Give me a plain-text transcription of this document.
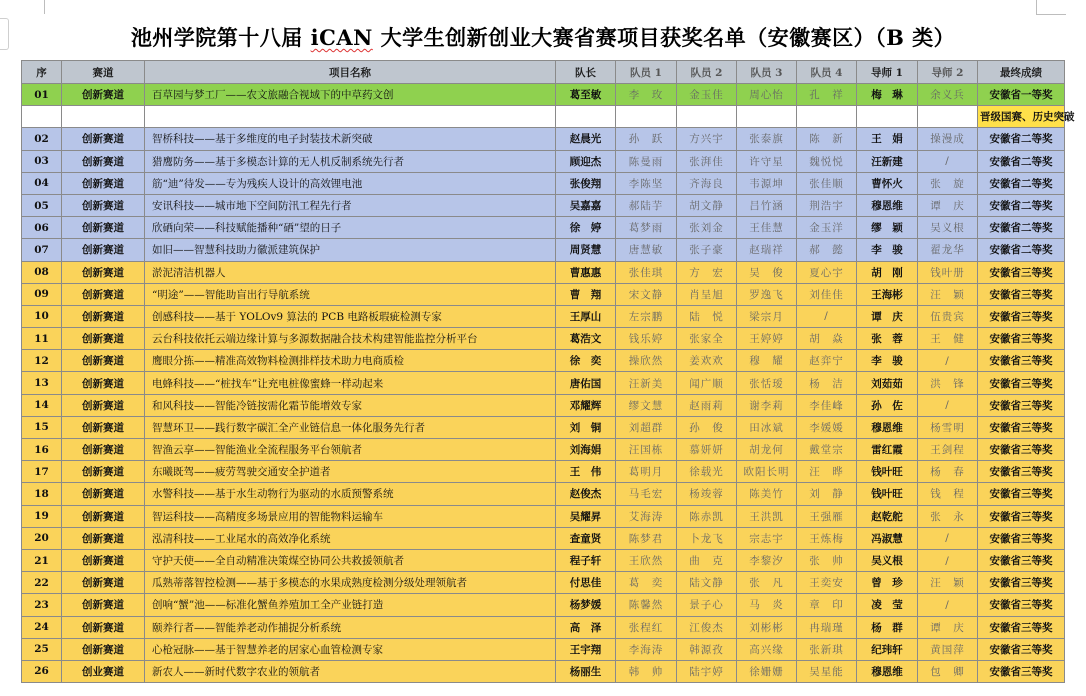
池州学院第十八届 iCAN 大学生创新创业大赛省赛项目获奖名单（安徽赛区）（B 类）
序	赛道	项目名称	队长	队员 1	队员 2	队员 3	队员 4	导师 1	导师 2	最终成绩
01	创新赛道	百草园与梦工厂——农文旅融合视域下的中草药文创	葛至敏	李　玫	金玉佳	周心怡	孔　祥	梅　琳	余义兵	安徽省一等奖
										晋级国赛、历史突破
02	创新赛道	智桥科技——基于多维度的电子封装技术新突破	赵晨光	孙　跃	方兴宇	张泰旗	陈　新	王　娟	操漫成	安徽省二等奖
03	创新赛道	猎鹰防务——基于多模态计算的无人机反制系统先行者	顾迎杰	陈曼雨	张湃佳	许守星	魏悦悦	汪新建	/	安徽省二等奖
04	创新赛道	筋“迪”待发——专为残疾人设计的高效锂电池	张俊翔	李陈坚	齐海良	韦源坤	张佳顺	曹怀火	张　旋	安徽省二等奖
05	创新赛道	安讯科技——城市地下空间防汛工程先行者	吴嘉嘉	郝陆芋	胡文静	吕竹涵	荆浩宇	穆恩维	谭　庆	安徽省二等奖
06	创新赛道	欣硒向荣——科技赋能播种“硒”望的日子	徐　婷	葛梦雨	张刘金	王佳慧	金玉洋	缪　颖	吴义根	安徽省二等奖
07	创新赛道	如旧——智慧科技助力徽派建筑保护	周贤慧	唐慧敏	张子豪	赵瑞祥	郝　懿	李　骏	翟龙华	安徽省二等奖
08	创新赛道	淤泥清洁机器人	曹惠惠	张佳琪	方　宏	吴　俊	夏心宇	胡　刚	钱叶册	安徽省三等奖
09	创新赛道	“明途”——智能助盲出行导航系统	曹　翔	宋文静	肖呈旭	罗逸飞	刘佳佳	王海彬	汪　颖	安徽省三等奖
10	创新赛道	创感科技——基于 YOLOv9 算法的 PCB 电路板瑕疵检测专家	王厚山	左宗鹏	陆　悦	梁宗月	/	谭　庆	伍贵宾	安徽省三等奖
11	创新赛道	云台科技依托云端边缘计算与多源数据融合技术构建智能监控分析平台	葛浩文	钱乐婷	张家全	王婷婷	胡　焱	张　蓉	王　健	安徽省三等奖
12	创新赛道	鹰眼分拣——精准高效物料检测排样技术助力电商质检	徐　奕	操欣然	姜欢欢	穆　耀	赵弈宁	李　骏	/	安徽省三等奖
13	创新赛道	电蜂科技——“桩找车”让充电桩像蜜蜂一样动起来	唐佑国	汪新美	闻广顺	张恬瑷	杨　洁	刘茹茹	洪　锋	安徽省三等奖
14	创新赛道	和风科技——智能冷链按需化霜节能增效专家	邓耀辉	缪文慧	赵雨莉	谢李莉	李佳峰	孙　佐	/	安徽省三等奖
15	创新赛道	智慧环卫——践行数字碳汇全产业链信息一体化服务先行者	刘　铜	刘超群	孙　俊	田冰斌	李媛媛	穆恩维	杨雪明	安徽省三等奖
16	创新赛道	智渔云享——智能渔业全流程服务平台领航者	刘海娟	汪国栋	慕妍妍	胡龙何	戴堂宗	雷红霞	王剑程	安徽省三等奖
17	创新赛道	东曦既驾——疲劳驾驶交通安全护道者	王　伟	葛明月	徐载光	欧阳长明	汪　晔	钱叶旺	杨　春	安徽省三等奖
18	创新赛道	水警科技——基于水生动物行为驱动的水质预警系统	赵俊杰	马毛宏	杨竣蓉	陈美竹	刘　静	钱叶旺	钱　程	安徽省三等奖
19	创新赛道	智运科技——高精度多场景应用的智能物料运输车	吴耀昇	艾海涛	陈赤凯	王洪凯	王强雁	赵乾舵	张　永	安徽省三等奖
20	创新赛道	泓清科技——工业尾水的高效净化系统	查童贤	陈梦君	卜龙飞	宗志宇	王炼梅	冯淑慧	/	安徽省三等奖
21	创新赛道	守护天使——全自动精准决策煤空协同公共救援领航者	程子轩	王欣然	曲　克	李黎汐	张　帅	吴义根	/	安徽省三等奖
22	创新赛道	瓜熟蒂落智控检测——基于多模态的水果成熟度检测分级处理领航者	付思佳	葛　奕	陆文静	张　凡	王奕安	曾　珍	汪　颖	安徽省三等奖
23	创新赛道	创响“蟹”池——标准化蟹鱼养殖加工全产业链打造	杨梦媛	陈馨然	景子心	马　炎	章　印	凌　莹	/	安徽省三等奖
24	创新赛道	颐养行者——智能养老动作捕捉分析系统	高　泽	张程红	江俊杰	刘彬彬	冉瑞瑾	杨　群	谭　庆	安徽省三等奖
25	创新赛道	心枪冠脉——基于智慧养老的居家心血管检测专家	王宇翔	李海涛	韩源孜	高兴缘	张新琪	纪玮轩	黄国萍	安徽省三等奖
26	创业赛道	新农人——新时代数字农业的领航者	杨丽生	韩　帅	陆宇婷	徐姗姗	吴星能	穆恩维	包　卿	安徽省三等奖
